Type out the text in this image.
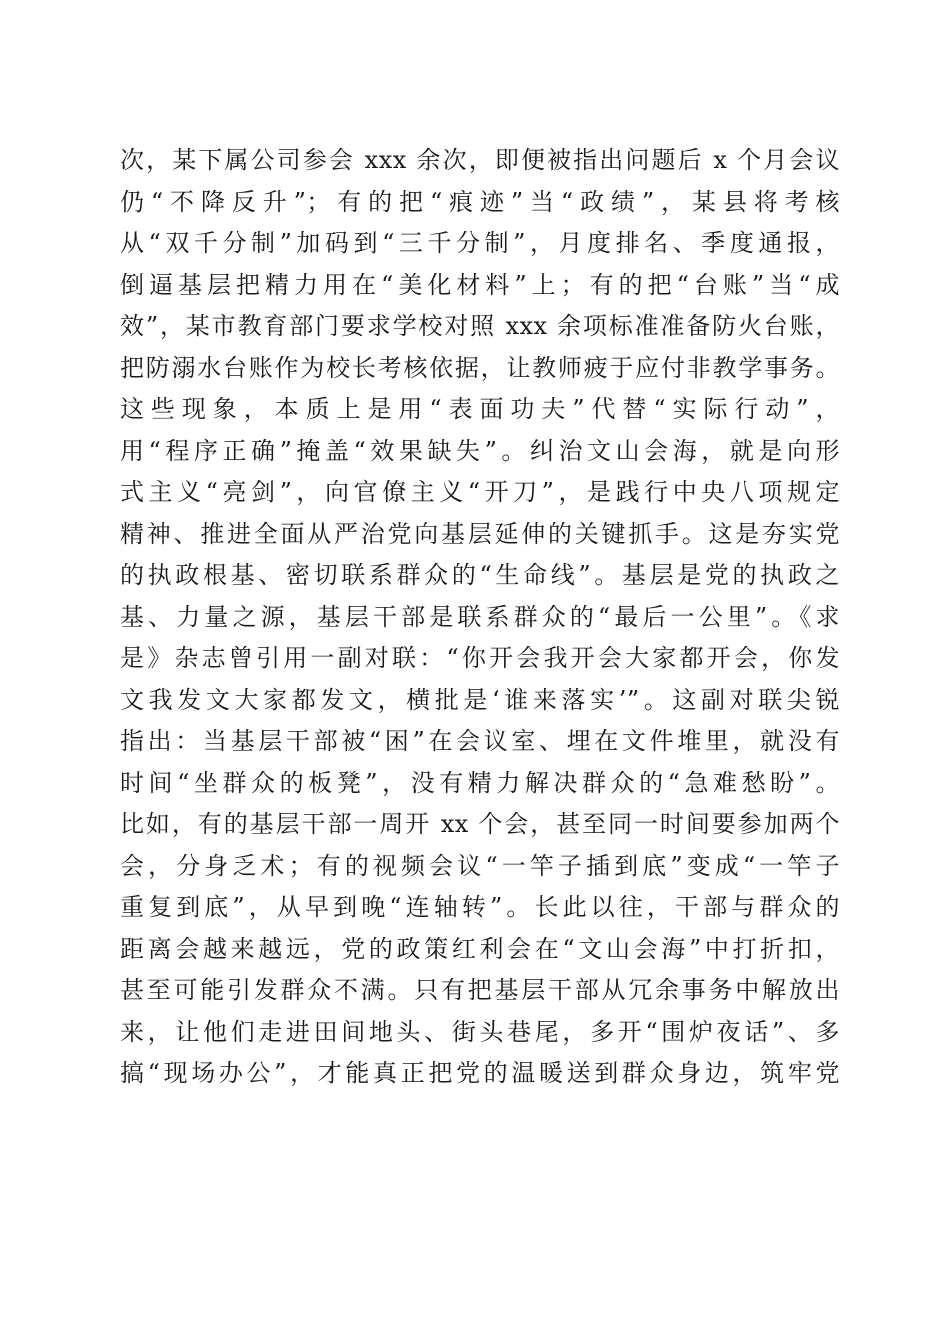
次，某下属公司参会 xxx 余次，即便被指出问题后 x 个月会议
仍“不降反升”；有的把“痕迹”当“政绩”，某县将考核
从“双千分制”加码到“三千分制”，月度排名、季度通报，
倒逼基层把精力用在“美化材料”上；有的把“台账”当“成
效”，某市教育部门要求学校对照 xxx 余项标准准备防火台账，
把防溺水台账作为校长考核依据，让教师疲于应付非教学事务。
这些现象，本质上是用“表面功夫”代替“实际行动”，
用“程序正确”掩盖“效果缺失”。纠治文山会海，就是向形
式主义“亮剑”，向官僚主义“开刀”，是践行中央八项规定
精神、推进全面从严治党向基层延伸的关键抓手。这是夯实党
的执政根基、密切联系群众的“生命线”。基层是党的执政之
基、力量之源，基层干部是联系群众的“最后一公里”。《求
是》杂志曾引用一副对联：“你开会我开会大家都开会，你发
文我发文大家都发文，横批是‘谁来落实’”。这副对联尖锐
指出：当基层干部被“困”在会议室、埋在文件堆里，就没有
时间“坐群众的板凳”，没有精力解决群众的“急难愁盼”。
比如，有的基层干部一周开 xx 个会，甚至同一时间要参加两个
会，分身乏术；有的视频会议“一竿子插到底”变成“一竿子
重复到底”，从早到晚“连轴转”。长此以往，干部与群众的
距离会越来越远，党的政策红利会在“文山会海”中打折扣，
甚至可能引发群众不满。只有把基层干部从冗余事务中解放出
来，让他们走进田间地头、街头巷尾，多开“围炉夜话”、多
搞“现场办公”，才能真正把党的温暖送到群众身边，筑牢党
